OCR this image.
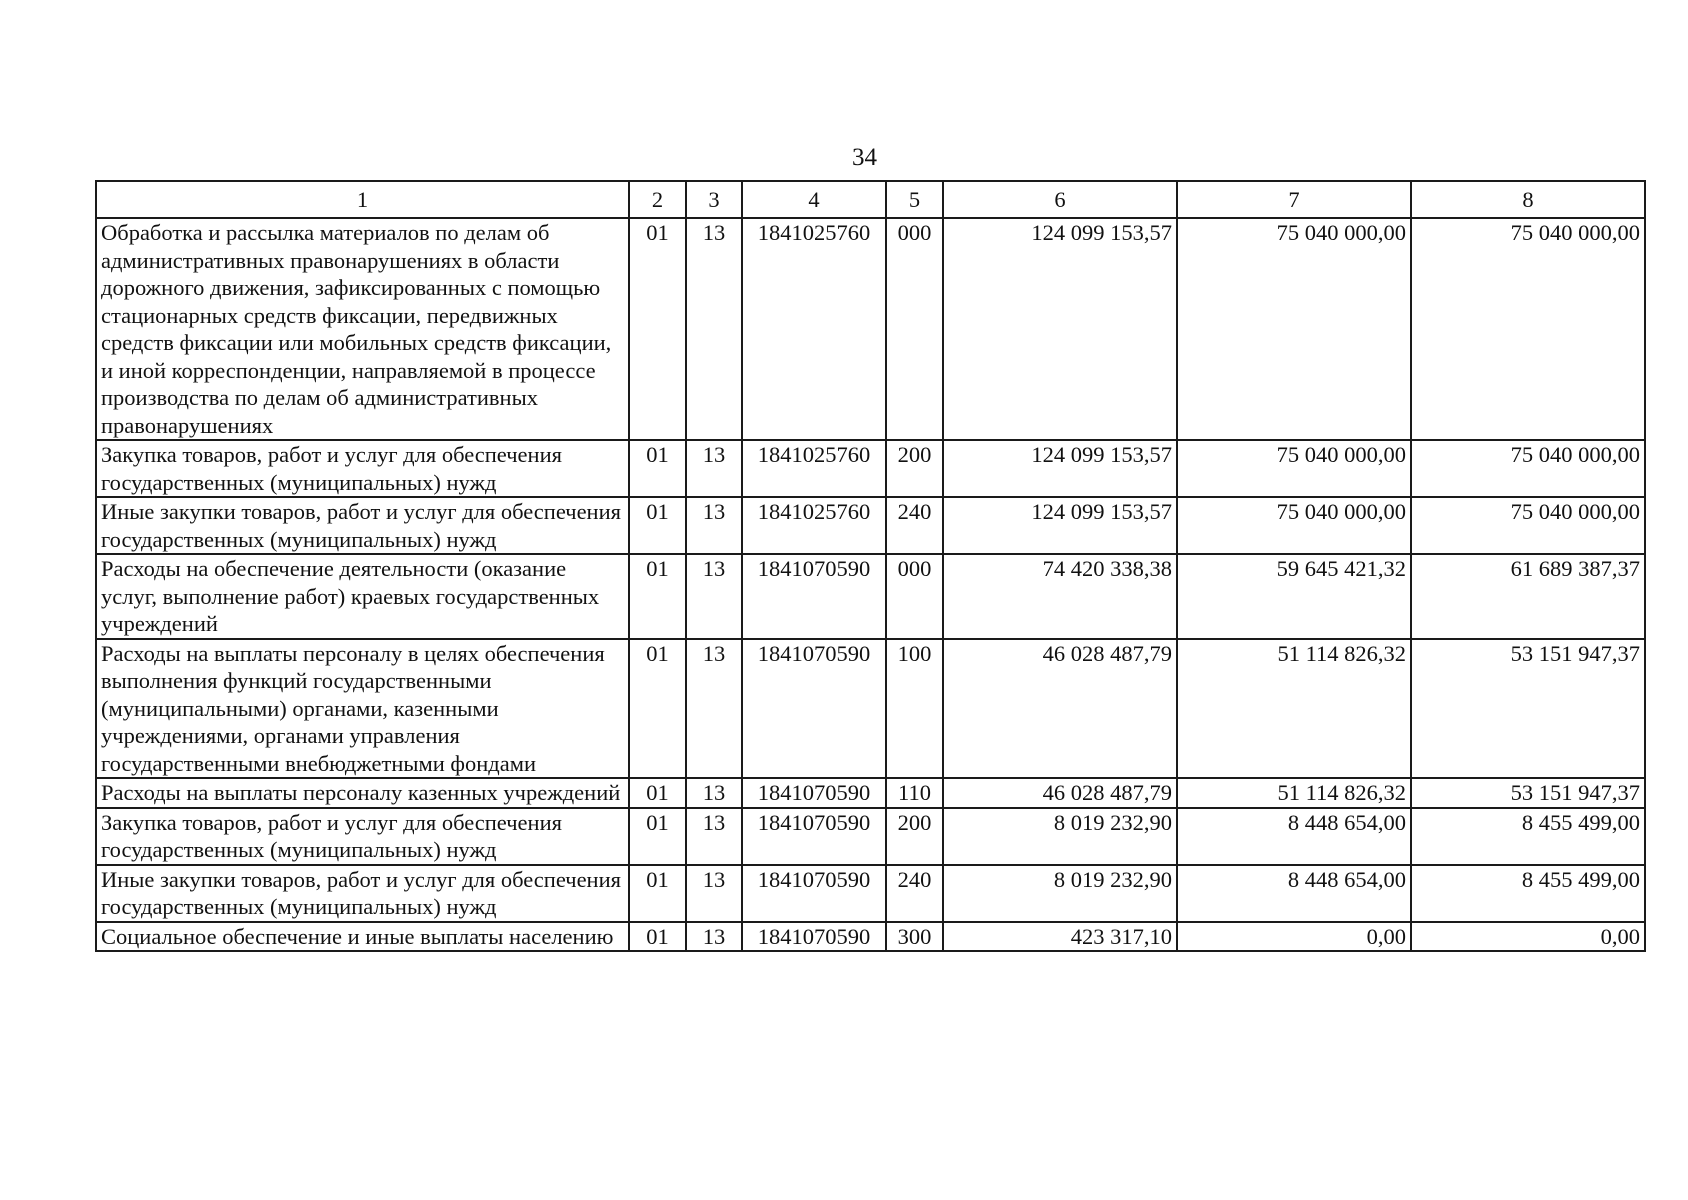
34
1	2	3	4	5	6	7	8
Обработка и рассылка материалов по делам об административных правонарушениях в области дорожного движения, зафиксированных с помощью стационарных средств фиксации, передвижных средств фиксации или мобильных средств фиксации, и иной корреспонденции, направляемой в процессе производства по делам об административных правонарушениях	01	13	1841025760	000	124 099 153,57	75 040 000,00	75 040 000,00
Закупка товаров, работ и услуг для обеспечения государственных (муниципальных) нужд	01	13	1841025760	200	124 099 153,57	75 040 000,00	75 040 000,00
Иные закупки товаров, работ и услуг для обеспечения государственных (муниципальных) нужд	01	13	1841025760	240	124 099 153,57	75 040 000,00	75 040 000,00
Расходы на обеспечение деятельности (оказание услуг, выполнение работ) краевых государственных учреждений	01	13	1841070590	000	74 420 338,38	59 645 421,32	61 689 387,37
Расходы на выплаты персоналу в целях обеспечения выполнения функций государственными (муниципальными) органами, казенными учреждениями, органами управления государственными внебюджетными фондами	01	13	1841070590	100	46 028 487,79	51 114 826,32	53 151 947,37
Расходы на выплаты персоналу казенных учреждений	01	13	1841070590	110	46 028 487,79	51 114 826,32	53 151 947,37
Закупка товаров, работ и услуг для обеспечения государственных (муниципальных) нужд	01	13	1841070590	200	8 019 232,90	8 448 654,00	8 455 499,00
Иные закупки товаров, работ и услуг для обеспечения государственных (муниципальных) нужд	01	13	1841070590	240	8 019 232,90	8 448 654,00	8 455 499,00
Социальное обеспечение и иные выплаты населению	01	13	1841070590	300	423 317,10	0,00	0,00
